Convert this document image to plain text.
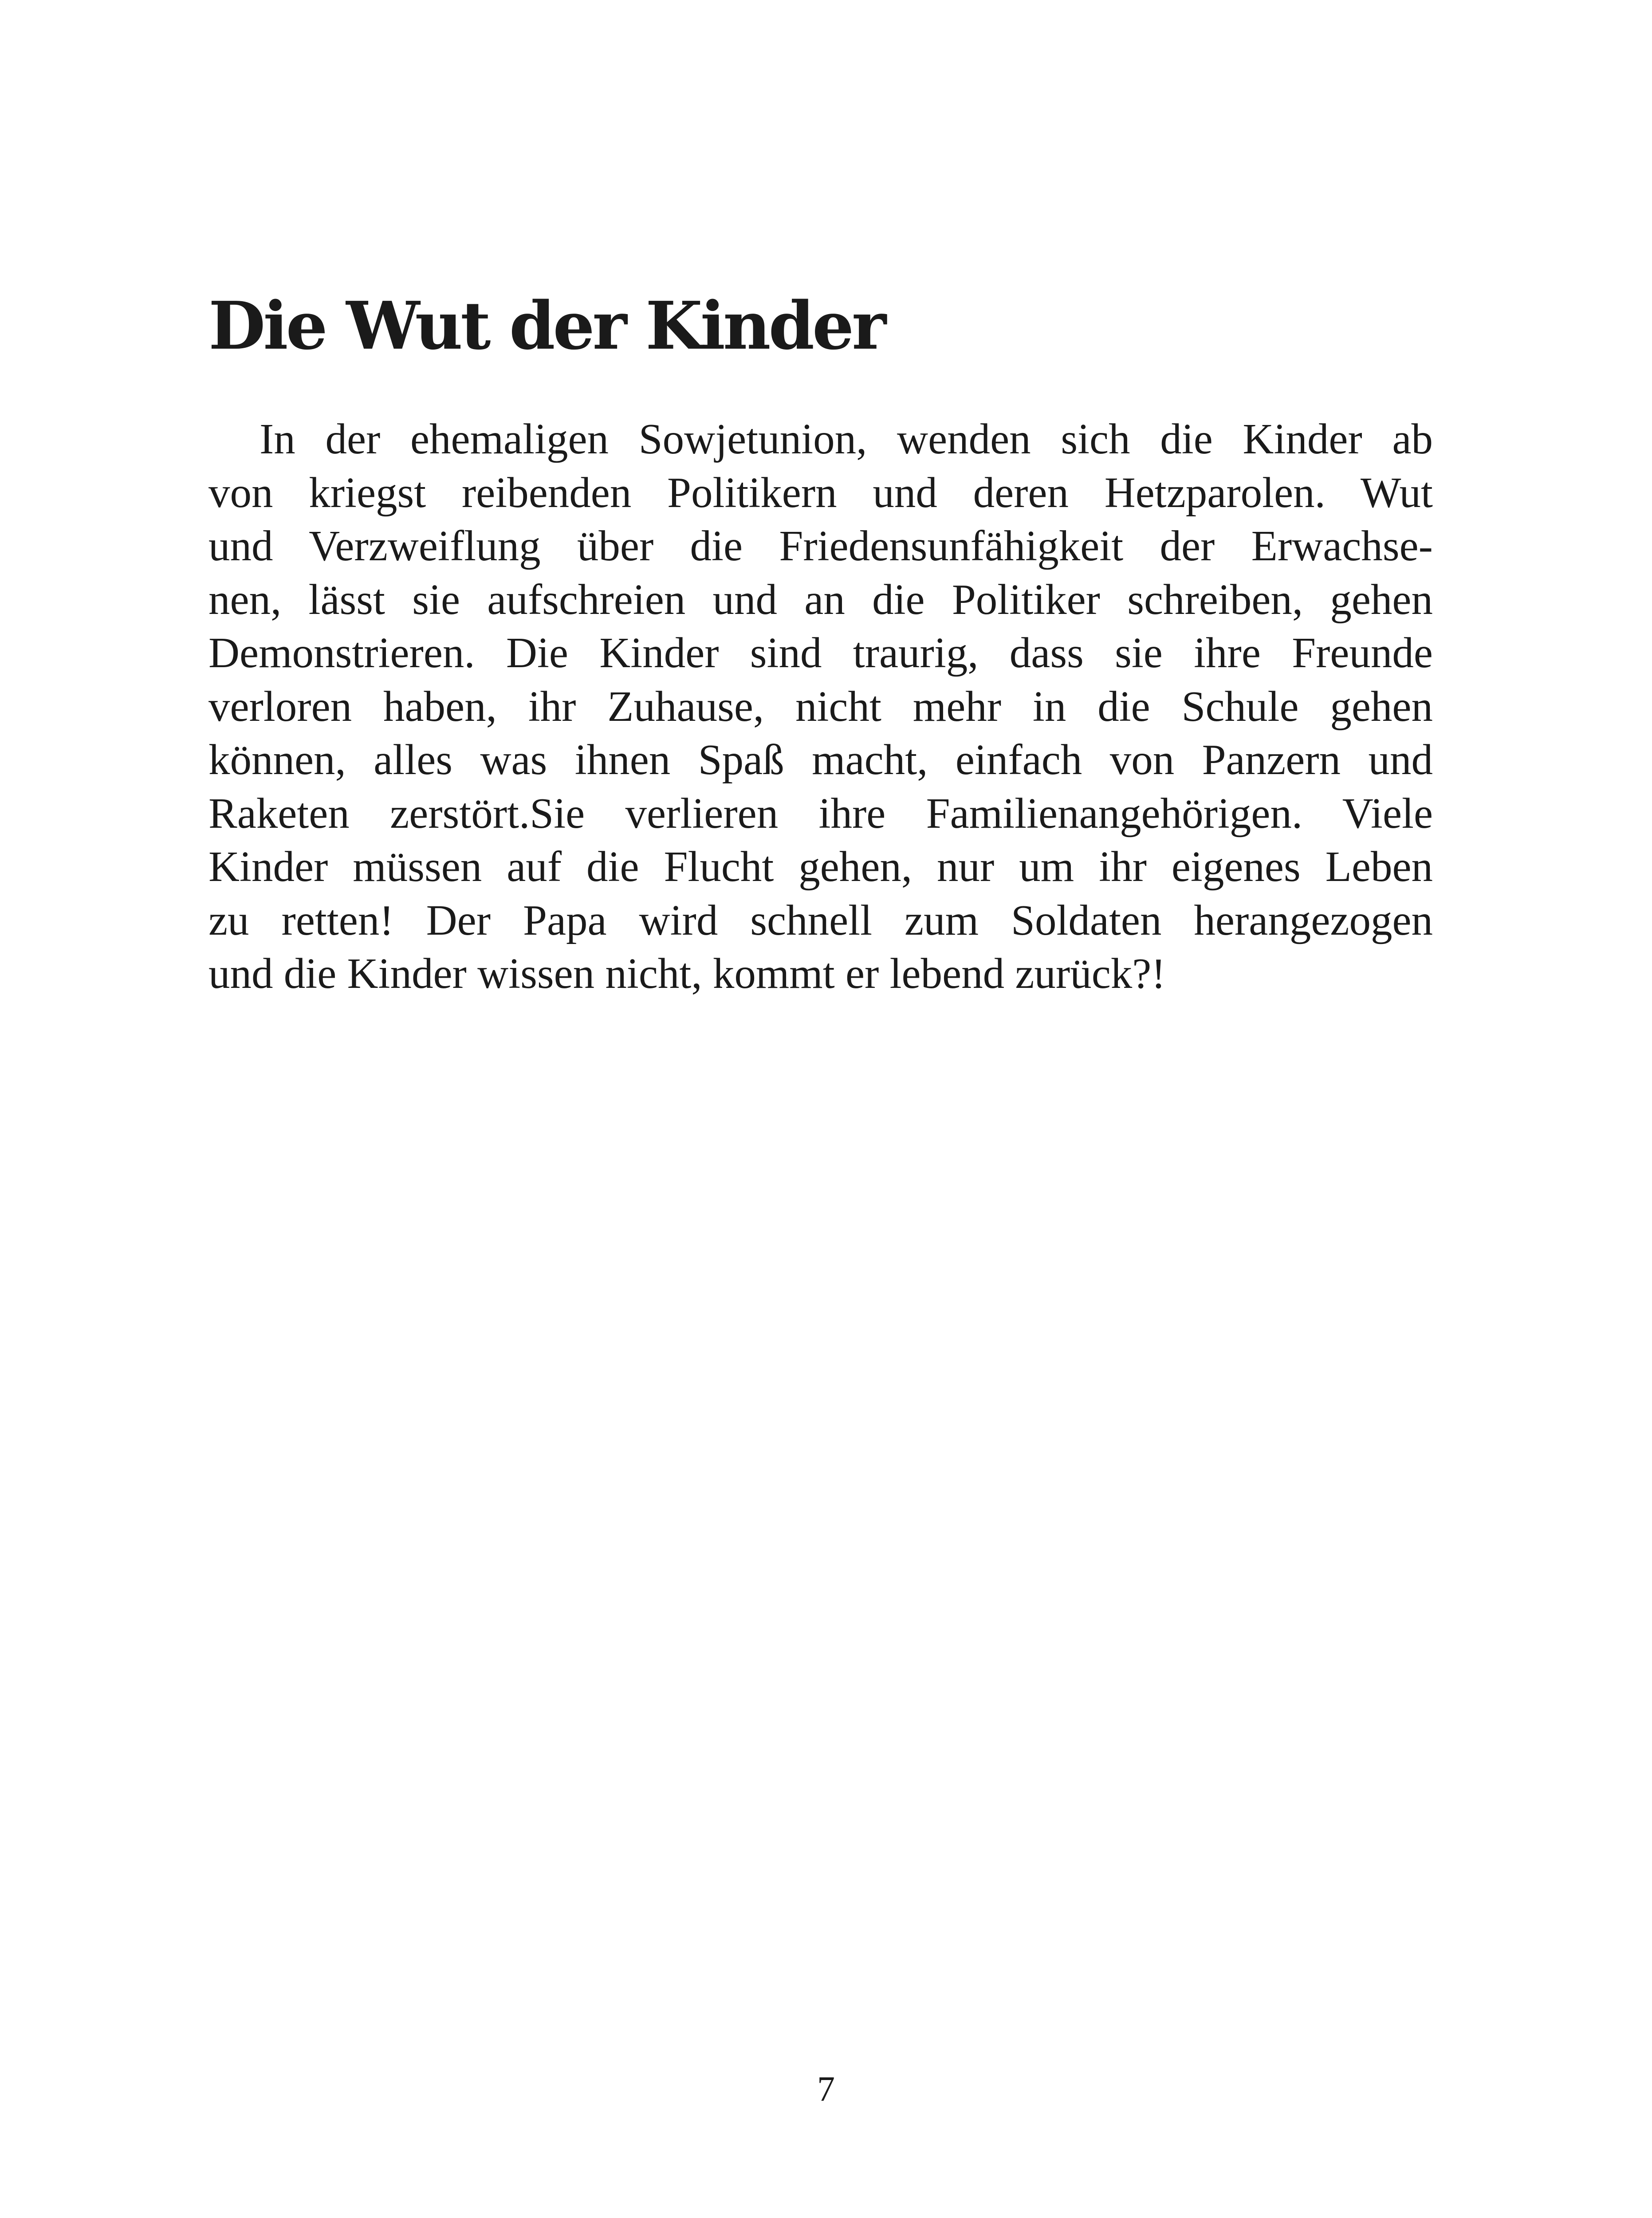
Die Wut der Kinder
In der ehemaligen Sowjetunion, wenden sich die Kinder ab
von kriegst reibenden Politikern und deren Hetzparolen. Wut
und Verzweiflung über die Friedensunfähigkeit der Erwachse-
nen, lässt sie aufschreien und an die Politiker schreiben, gehen
Demonstrieren. Die Kinder sind traurig, dass sie ihre Freunde
verloren haben, ihr Zuhause, nicht mehr in die Schule gehen
können, alles was ihnen Spaß macht, einfach von Panzern und
Raketen zerstört.Sie verlieren ihre Familienangehörigen. Viele
Kinder müssen auf die Flucht gehen, nur um ihr eigenes Leben
zu retten! Der Papa wird schnell zum Soldaten herangezogen
und die Kinder wissen nicht, kommt er lebend zurück?!
7
